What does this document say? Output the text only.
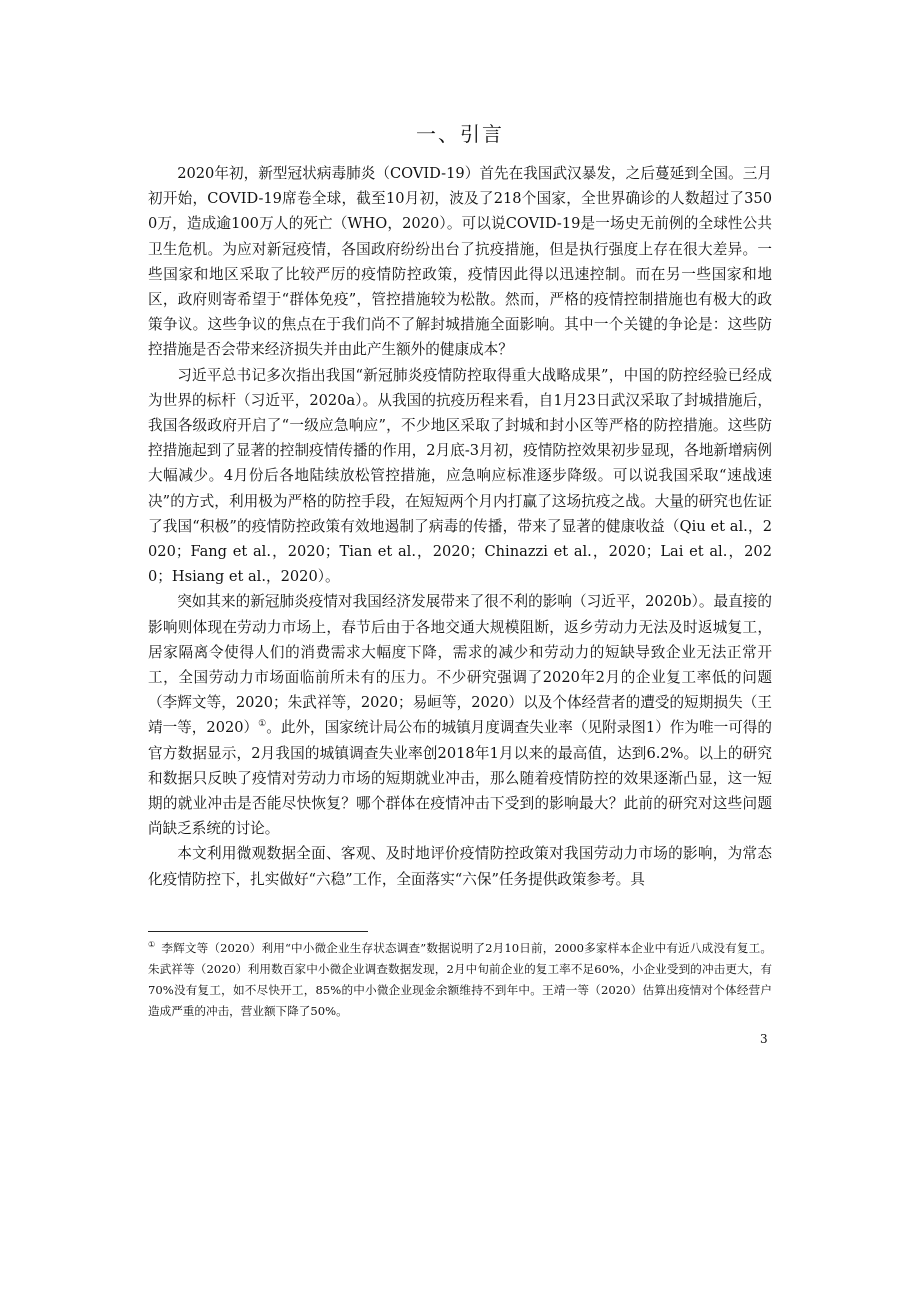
一、引言

2020年初，新型冠状病毒肺炎（COVID-19）首先在我国武汉暴发，之后蔓延到全国。三月初开始，COVID-19席卷全球，截至10月初，波及了218个国家，全世界确诊的人数超过了3500万，造成逾100万人的死亡（WHO，2020）。可以说COVID-19是一场史无前例的全球性公共卫生危机。为应对新冠疫情，各国政府纷纷出台了抗疫措施，但是执行强度上存在很大差异。一些国家和地区采取了比较严厉的疫情防控政策，疫情因此得以迅速控制。而在另一些国家和地区，政府则寄希望于“群体免疫”，管控措施较为松散。然而，严格的疫情控制措施也有极大的政策争议。这些争议的焦点在于我们尚不了解封城措施全面影响。其中一个关键的争论是：这些防控措施是否会带来经济损失并由此产生额外的健康成本？

习近平总书记多次指出我国“新冠肺炎疫情防控取得重大战略成果”，中国的防控经验已经成为世界的标杆（习近平，2020a）。从我国的抗疫历程来看，自1月23日武汉采取了封城措施后，我国各级政府开启了“一级应急响应”，不少地区采取了封城和封小区等严格的防控措施。这些防控措施起到了显著的控制疫情传播的作用，2月底-3月初，疫情防控效果初步显现，各地新增病例大幅减少。4月份后各地陆续放松管控措施，应急响应标准逐步降级。可以说我国采取“速战速决”的方式，利用极为严格的防控手段，在短短两个月内打赢了这场抗疫之战。大量的研究也佐证了我国“积极”的疫情防控政策有效地遏制了病毒的传播，带来了显著的健康收益（Qiu et al.，2020；Fang et al.，2020；Tian et al.，2020；Chinazzi et al.，2020；Lai et al.，2020；Hsiang et al.，2020）。

突如其来的新冠肺炎疫情对我国经济发展带来了很不利的影响（习近平，2020b）。最直接的影响则体现在劳动力市场上，春节后由于各地交通大规模阻断，返乡劳动力无法及时返城复工，居家隔离令使得人们的消费需求大幅度下降，需求的减少和劳动力的短缺导致企业无法正常开工，全国劳动力市场面临前所未有的压力。不少研究强调了2020年2月的企业复工率低的问题（李辉文等，2020；朱武祥等，2020；易峘等，2020）以及个体经营者的遭受的短期损失（王靖一等，2020）①。此外，国家统计局公布的城镇月度调查失业率（见附录图1）作为唯一可得的官方数据显示，2月我国的城镇调查失业率创2018年1月以来的最高值，达到6.2%。以上的研究和数据只反映了疫情对劳动力市场的短期就业冲击，那么随着疫情防控的效果逐渐凸显，这一短期的就业冲击是否能尽快恢复？哪个群体在疫情冲击下受到的影响最大？此前的研究对这些问题尚缺乏系统的讨论。

本文利用微观数据全面、客观、及时地评价疫情防控政策对我国劳动力市场的影响，为常态化疫情防控下，扎实做好“六稳”工作，全面落实“六保”任务提供政策参考。具

① 李辉文等（2020）利用“中小微企业生存状态调查”数据说明了2月10日前，2000多家样本企业中有近八成没有复工。朱武祥等（2020）利用数百家中小微企业调查数据发现，2月中旬前企业的复工率不足60%，小企业受到的冲击更大，有70%没有复工，如不尽快开工，85%的中小微企业现金余额维持不到年中。王靖一等（2020）估算出疫情对个体经营户造成严重的冲击，营业额下降了50%。
3
